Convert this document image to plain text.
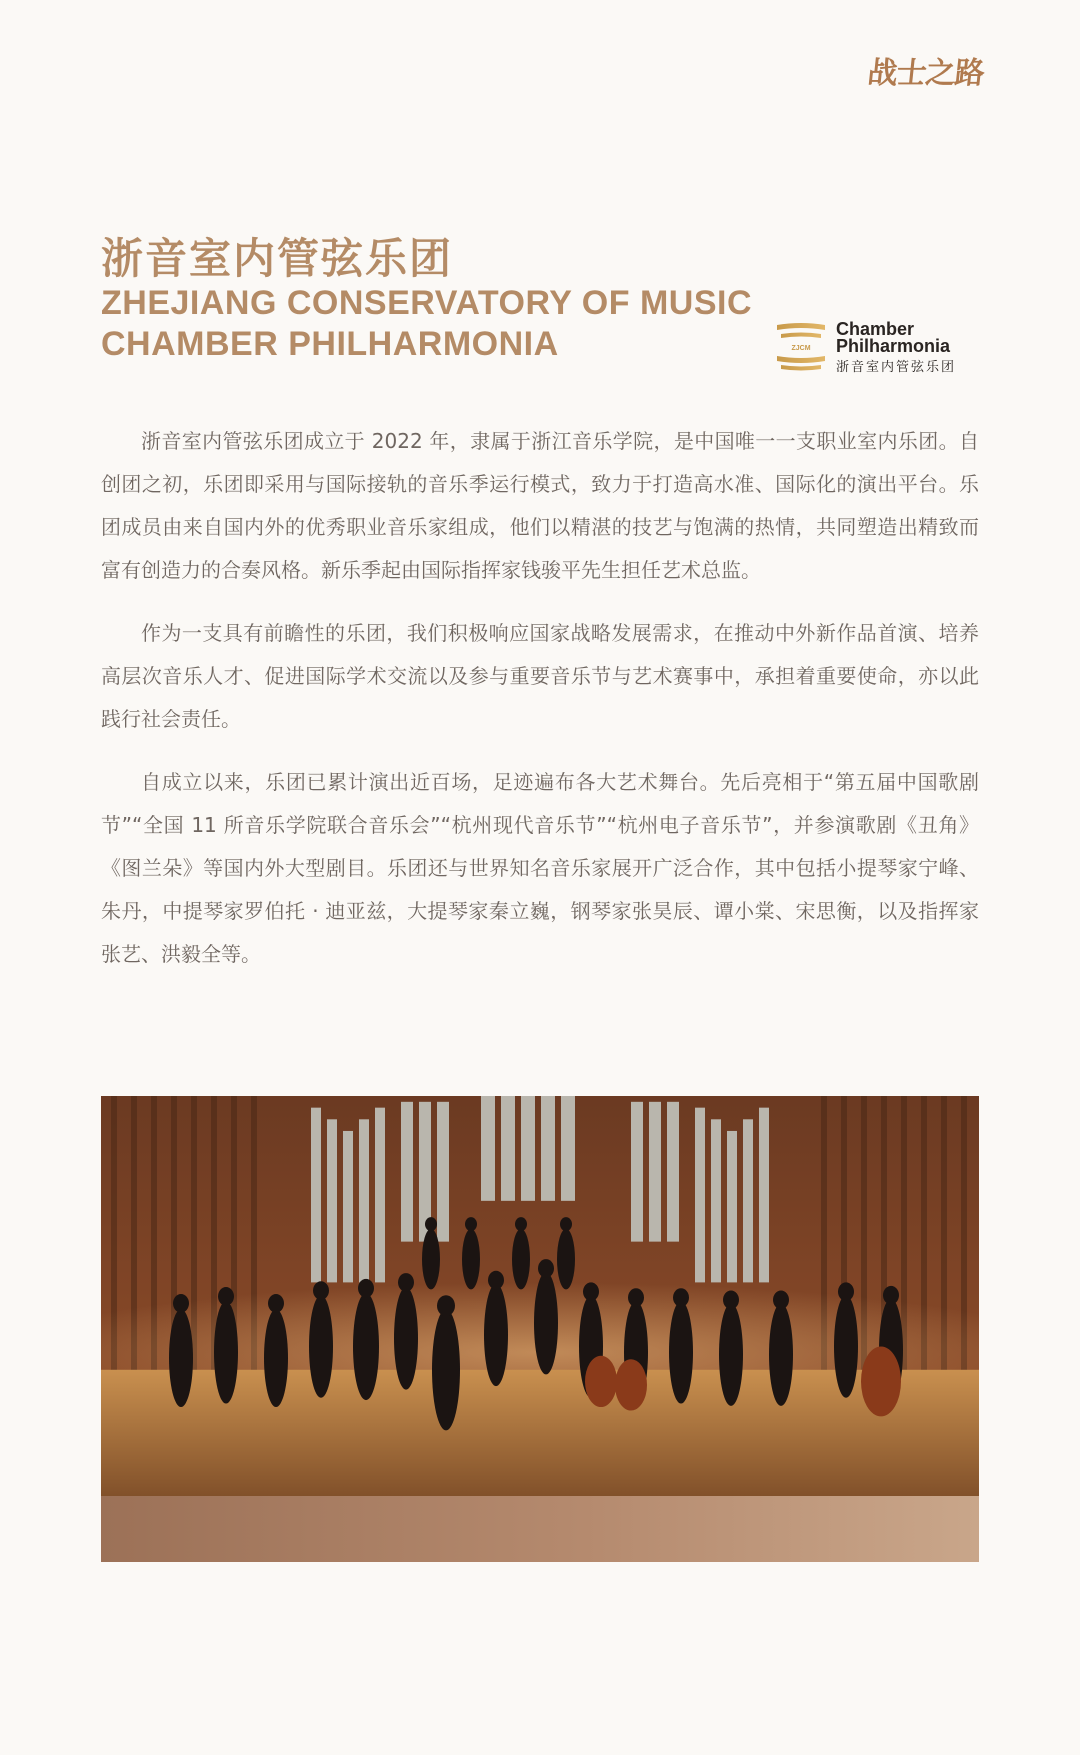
战士之路
浙音室内管弦乐团
ZHEJIANG CONSERVATORY OF MUSIC
CHAMBER PHILHARMONIA	ZJCM
Chamber
Philharmonia
浙音室内管弦乐团

浙音室内管弦乐团成立于 2022 年，隶属于浙江音乐学院，是中国唯一一支职业室内乐团。自创团之初，乐团即采用与国际接轨的音乐季运行模式，致力于打造高水准、国际化的演出平台。乐团成员由来自国内外的优秀职业音乐家组成，他们以精湛的技艺与饱满的热情，共同塑造出精致而富有创造力的合奏风格。新乐季起由国际指挥家钱骏平先生担任艺术总监。

作为一支具有前瞻性的乐团，我们积极响应国家战略发展需求，在推动中外新作品首演、培养高层次音乐人才、促进国际学术交流以及参与重要音乐节与艺术赛事中，承担着重要使命，亦以此践行社会责任。

自成立以来，乐团已累计演出近百场，足迹遍布各大艺术舞台。先后亮相于“第五届中国歌剧节”“全国 11 所音乐学院联合音乐会”“杭州现代音乐节”“杭州电子音乐节”，并参演歌剧《丑角》《图兰朵》等国内外大型剧目。乐团还与世界知名音乐家展开广泛合作，其中包括小提琴家宁峰、朱丹，中提琴家罗伯托 · 迪亚兹，大提琴家秦立巍，钢琴家张昊辰、谭小棠、宋思衡，以及指挥家张艺、洪毅全等。
